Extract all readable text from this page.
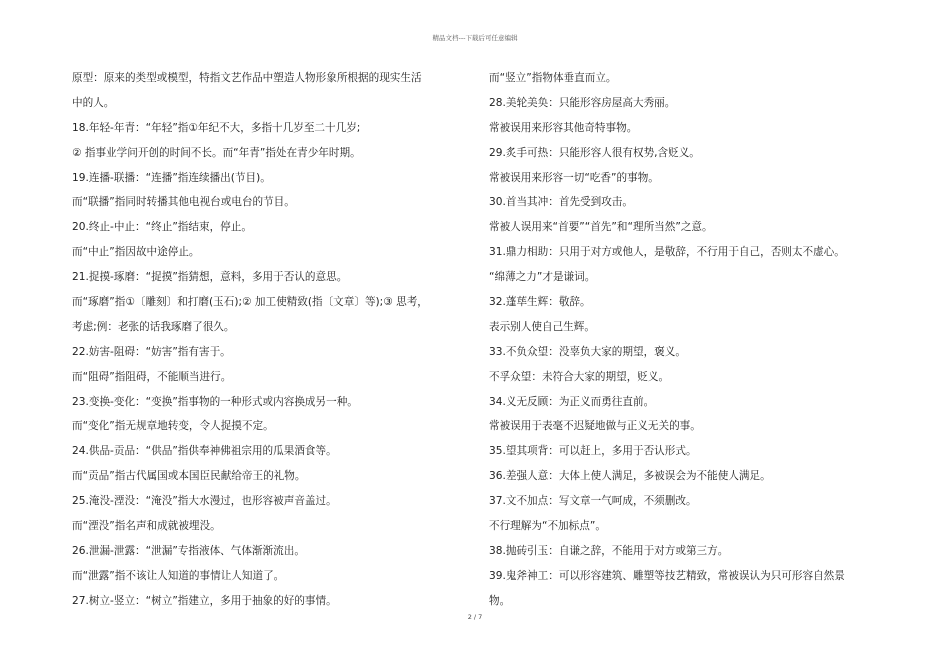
精品文档---下载后可任意编辑
原型：原来的类型或模型，特指文艺作品中塑造人物形象所根据的现实生活
中的人。
18.年轻-年青：“年轻”指①年纪不大，多指十几岁至二十几岁;
② 指事业学问开创的时间不长。而“年青”指处在青少年时期。
19.连播-联播：“连播”指连续播出(节目)。
而“联播”指同时转播其他电视台或电台的节目。
20.终止-中止：“终止”指结束，停止。
而“中止”指因故中途停止。
21.捉摸-琢磨：“捉摸”指猜想，意料，多用于否认的意思。
而“琢磨”指①〔雕刻〕和打磨(玉石);② 加工使精致(指〔文章〕等);③ 思考，
考虑;例：老张的话我琢磨了很久。
22.妨害-阻碍：“妨害”指有害于。
而“阻碍”指阻碍，不能顺当进行。
23.变换-变化：“变换”指事物的一种形式或内容换成另一种。
而“变化”指无规章地转变，令人捉摸不定。
24.供品-贡品：“供品”指供奉神佛祖宗用的瓜果酒食等。
而“贡品”指古代属国或本国臣民献给帝王的礼物。
25.淹没-湮没：“淹没”指大水漫过，也形容被声音盖过。
而“湮没”指名声和成就被埋没。
26.泄漏-泄露：“泄漏”专指液体、气体渐渐流出。
而“泄露”指不该让人知道的事情让人知道了。
27.树立-竖立：“树立”指建立，多用于抽象的好的事情。
而“竖立”指物体垂直而立。
28.美轮美奂：只能形容房屋高大秀丽。
常被误用来形容其他奇特事物。
29.炙手可热：只能形容人很有权势,含贬义。
常被误用来形容一切“吃香”的事物。
30.首当其冲：首先受到攻击。
常被人误用来“首要”“首先”和“理所当然”之意。
31.鼎力相助：只用于对方或他人，是敬辞，不行用于自己，否则太不虚心。
“绵薄之力”才是谦词。
32.蓬荜生辉：敬辞。
表示别人使自己生辉。
33.不负众望：没辜负大家的期望，褒义。
不孚众望：未符合大家的期望，贬义。
34.义无反顾：为正义而勇往直前。
常被误用于表毫不迟疑地做与正义无关的事。
35.望其项背：可以赶上，多用于否认形式。
36.差强人意：大体上使人满足，多被误会为不能使人满足。
37.文不加点：写文章一气呵成，不须删改。
不行理解为“不加标点”。
38.抛砖引玉：自谦之辞，不能用于对方或第三方。
39.鬼斧神工：可以形容建筑、雕塑等技艺精致，常被误认为只可形容自然景
物。
2 / 7
